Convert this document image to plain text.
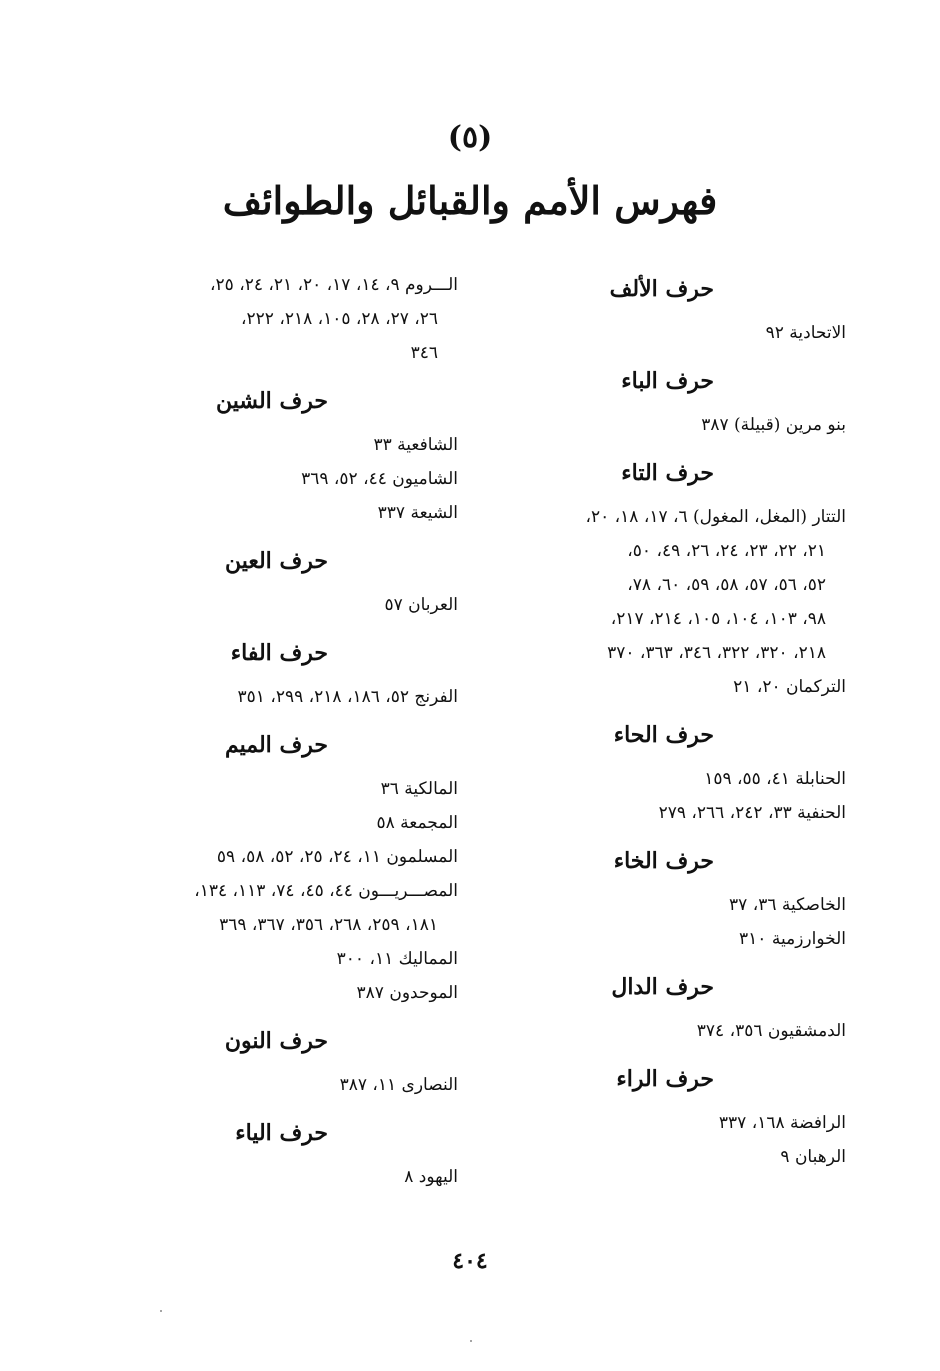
(٥)
فهرس الأمم والقبائل والطوائف
حرف الألف
الاتحادية ٩٢
حرف الباء
بنو مرين (قبيلة) ٣٨٧
حرف التاء
التتار (المغل، المغول) ٦، ١٧، ١٨، ٢٠،
٢١، ٢٢، ٢٣، ٢٤، ٢٦، ٤٩، ٥٠،
٥٢، ٥٦، ٥٧، ٥٨، ٥٩، ٦٠، ٧٨،
٩٨، ١٠٣، ١٠٤، ١٠٥، ٢١٤، ٢١٧،
٢١٨، ٣٢٠، ٣٢٢، ٣٤٦، ٣٦٣، ٣٧٠
التركمان ٢٠، ٢١
حرف الحاء
الحنابلة ٤١، ٥٥، ١٥٩
الحنفية ٣٣، ٢٤٢، ٢٦٦، ٢٧٩
حرف الخاء
الخاصكية ٣٦، ٣٧
الخوارزمية ٣١٠
حرف الدال
الدمشقيون ٣٥٦، ٣٧٤
حرف الراء
الرافضة ١٦٨، ٣٣٧
الرهبان ٩
الـــروم ٩، ١٤، ١٧، ٢٠، ٢١، ٢٤، ٢٥،
٢٦، ٢٧، ٢٨، ١٠٥، ٢١٨، ٢٢٢،
٣٤٦
حرف الشين
الشافعية ٣٣
الشاميون ٤٤، ٥٢، ٣٦٩
الشيعة ٣٣٧
حرف العين
العربان ٥٧
حرف الفاء
الفرنج ٥٢، ١٨٦، ٢١٨، ٢٩٩، ٣٥١
حرف الميم
المالكية ٣٦
المجمعة ٥٨
المسلمون ١١، ٢٤، ٢٥، ٥٢، ٥٨، ٥٩
المصـــريـــون ٤٤، ٤٥، ٧٤، ١١٣، ١٣٤،
١٨١، ٢٥٩، ٢٦٨، ٣٥٦، ٣٦٧، ٣٦٩
المماليك ١١، ٣٠٠
الموحدون ٣٨٧
حرف النون
النصارى ١١، ٣٨٧
حرف الياء
اليهود ٨
٤٠٤
